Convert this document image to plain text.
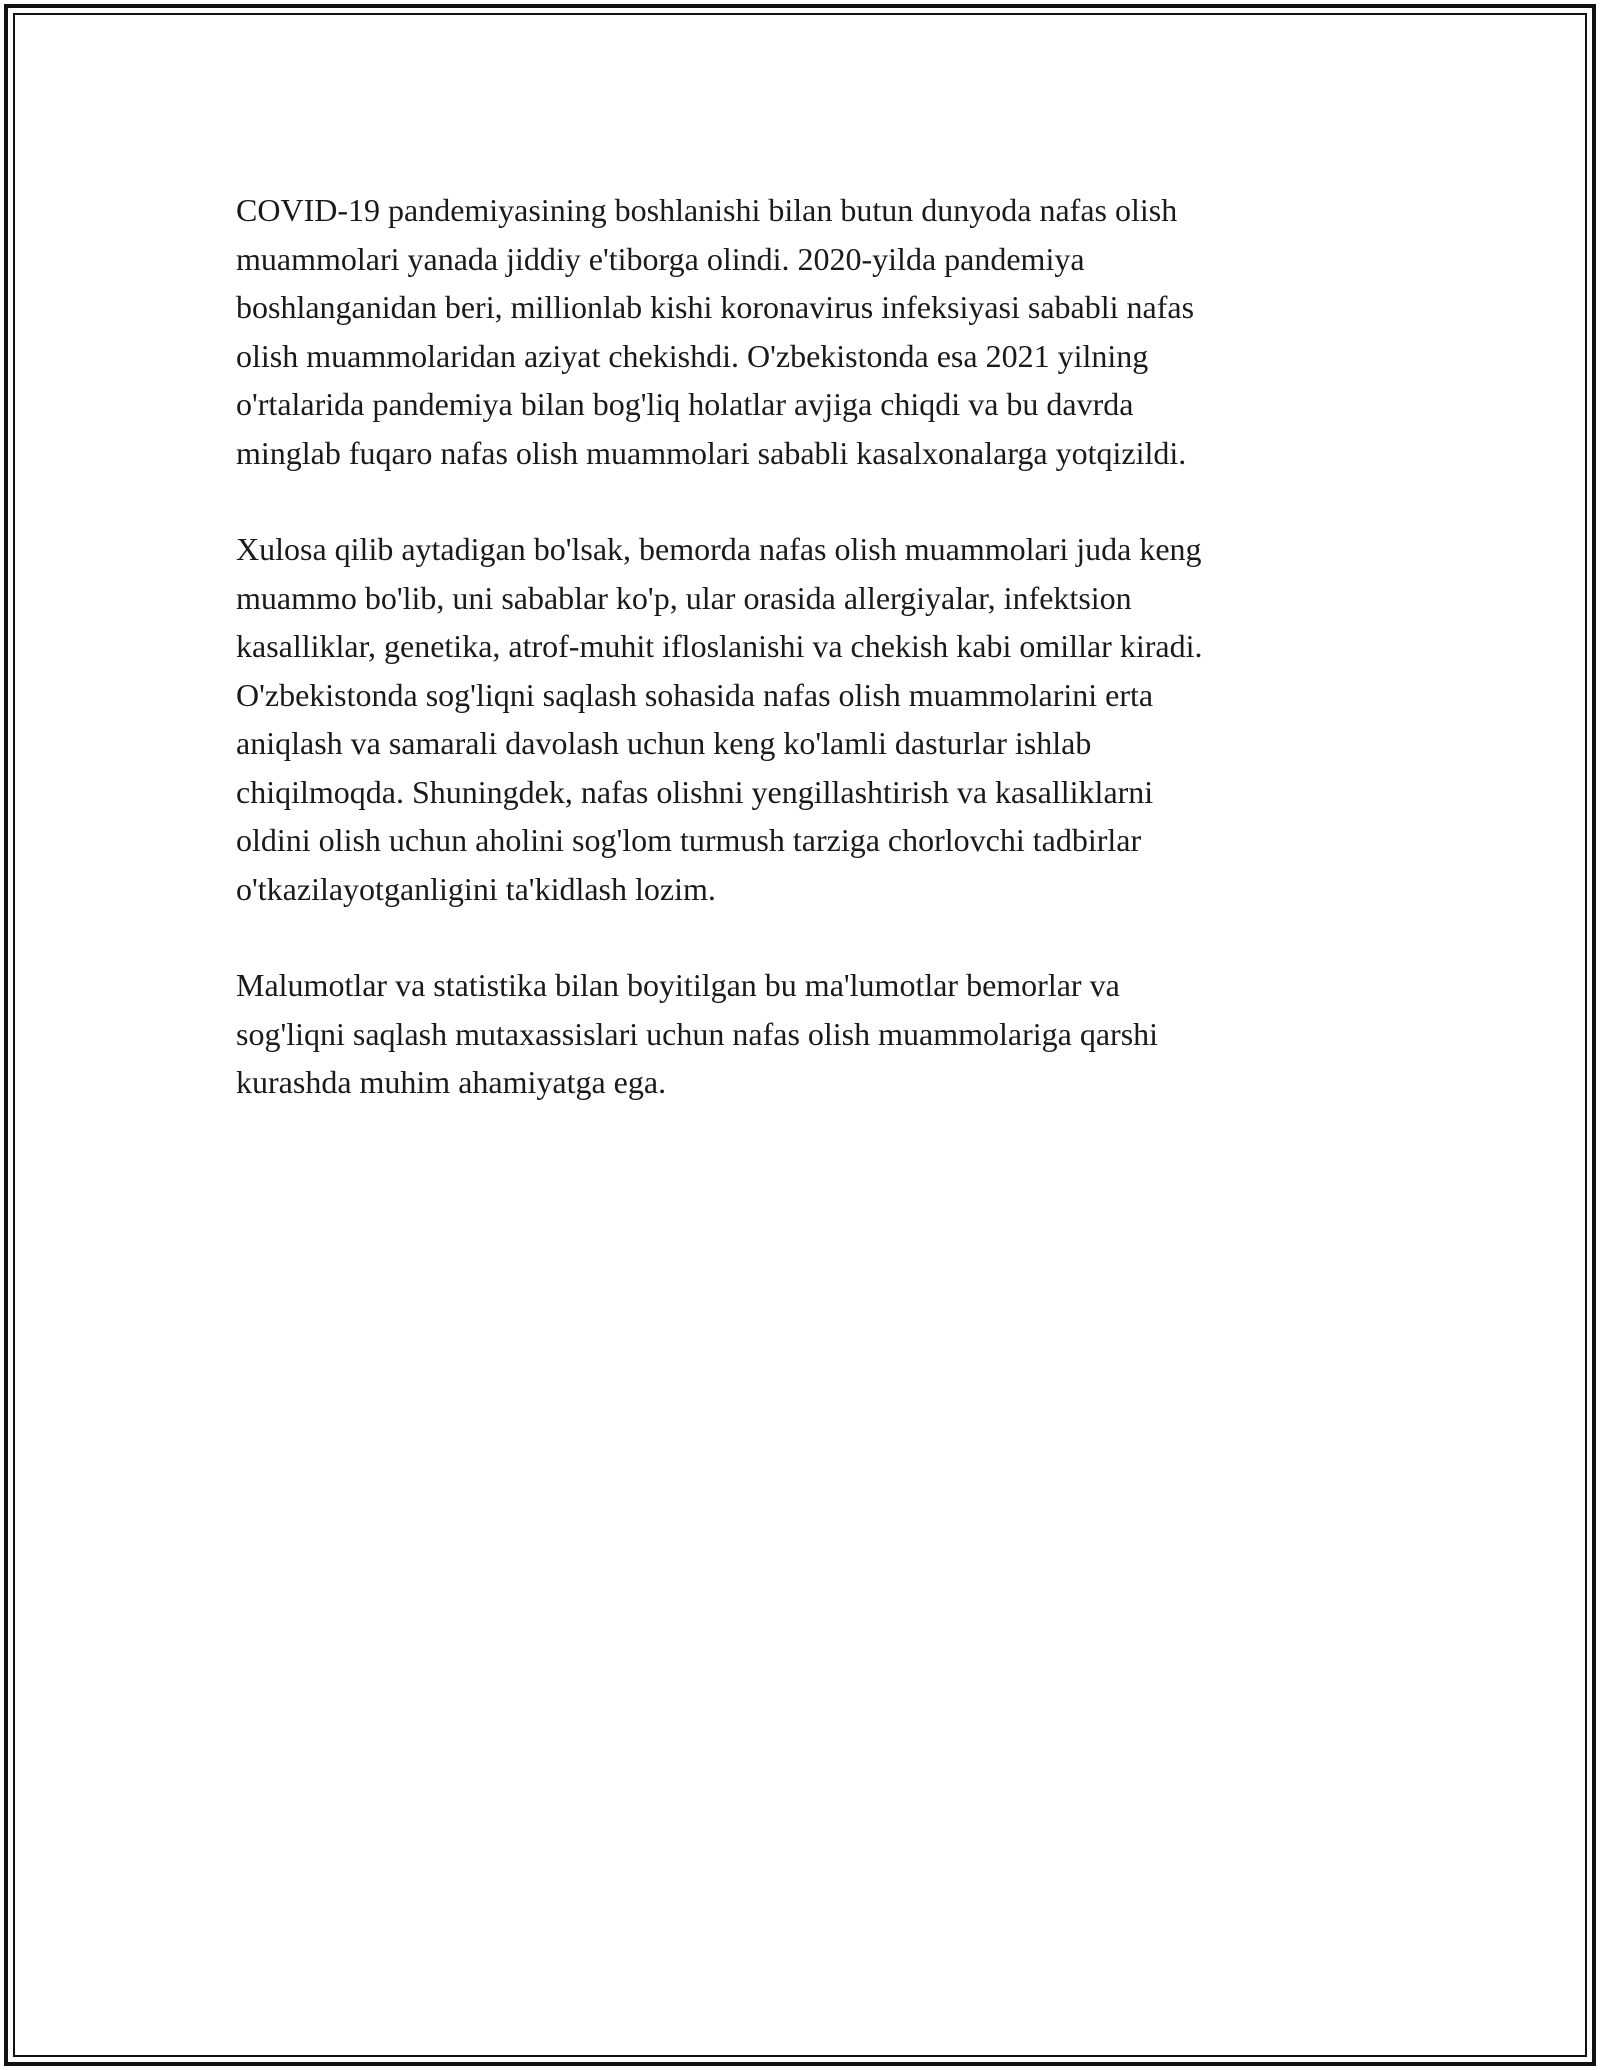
COVID-19 pandemiyasining boshlanishi bilan butun dunyoda nafas olish
muammolari yanada jiddiy e'tiborga olindi. 2020-yilda pandemiya
boshlanganidan beri, millionlab kishi koronavirus infeksiyasi sababli nafas
olish muammolaridan aziyat chekishdi. O'zbekistonda esa 2021 yilning
o'rtalarida pandemiya bilan bog'liq holatlar avjiga chiqdi va bu davrda
minglab fuqaro nafas olish muammolari sababli kasalxonalarga yotqizildi.

Xulosa qilib aytadigan bo'lsak, bemorda nafas olish muammolari juda keng
muammo bo'lib, uni sabablar ko'p, ular orasida allergiyalar, infektsion
kasalliklar, genetika, atrof-muhit ifloslanishi va chekish kabi omillar kiradi.
O'zbekistonda sog'liqni saqlash sohasida nafas olish muammolarini erta
aniqlash va samarali davolash uchun keng ko'lamli dasturlar ishlab
chiqilmoqda. Shuningdek, nafas olishni yengillashtirish va kasalliklarni
oldini olish uchun aholini sog'lom turmush tarziga chorlovchi tadbirlar
o'tkazilayotganligini ta'kidlash lozim.

Malumotlar va statistika bilan boyitilgan bu ma'lumotlar bemorlar va
sog'liqni saqlash mutaxassislari uchun nafas olish muammolariga qarshi
kurashda muhim ahamiyatga ega.
